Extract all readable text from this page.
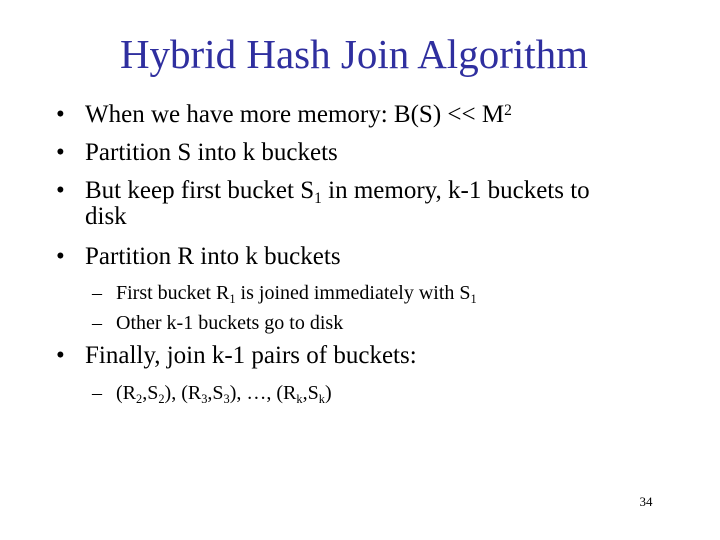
Hybrid Hash Join Algorithm
• When we have more memory: $B(S) << M^2$
• Partition S into k buckets
• But keep first bucket $S_1$ in memory, k-1 buckets to
disk
• Partition R into k buckets
– First bucket $R_1$ is joined immediately with $S_1$
– Other k-1 buckets go to disk
• Finally, join k-1 pairs of buckets:
– $(R_2,S_2)$, $(R_3,S_3)$, …, $(R_k,S_k)$
34
